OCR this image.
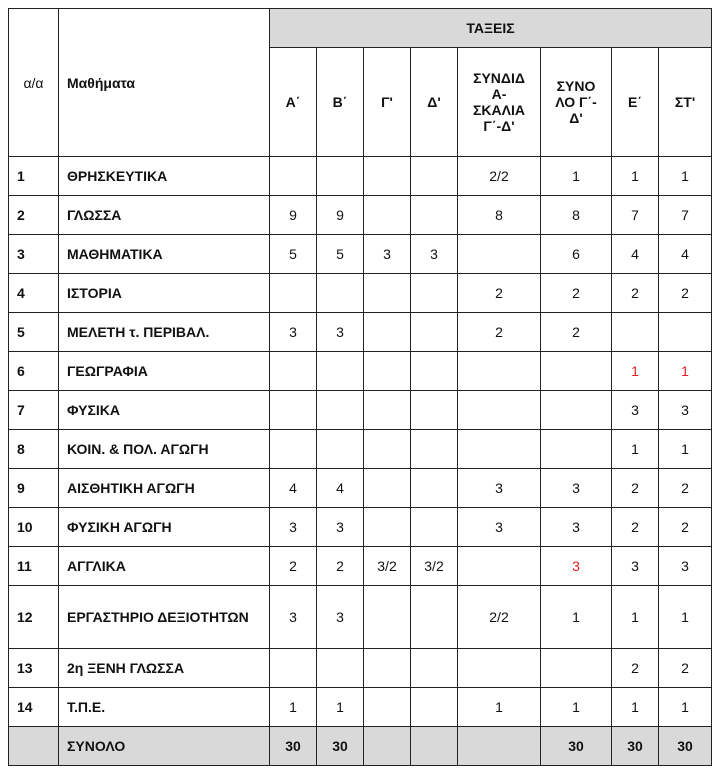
α/α	Μαθήματα	ΤΑΞΕΙΣ							
		Α΄	Β΄	Γ'	Δ'	ΣΥΝΔΙΔ
Α-
ΣΚΑΛΙΑ
Γ΄-Δ'	ΣΥΝΟ
ΛΟ Γ΄-
Δ'	Ε΄	ΣΤ'
1	ΘΡΗΣΚΕΥΤΙΚΑ					2/2	1	1	1
2	ΓΛΩΣΣΑ	9	9			8	8	7	7
3	ΜΑΘΗΜΑΤΙΚΑ	5	5	3	3		6	4	4
4	ΙΣΤΟΡΙΑ					2	2	2	2
5	ΜΕΛΕΤΗ τ. ΠΕΡΙΒΑΛ.	3	3			2	2		
6	ΓΕΩΓΡΑΦΙΑ							1	1
7	ΦΥΣΙΚΑ							3	3
8	ΚΟΙΝ. & ΠΟΛ. ΑΓΩΓΗ							1	1
9	ΑΙΣΘΗΤΙΚΗ ΑΓΩΓΗ	4	4			3	3	2	2
10	ΦΥΣΙΚΗ ΑΓΩΓΗ	3	3			3	3	2	2
11	ΑΓΓΛΙΚΑ	2	2	3/2	3/2		3	3	3
12	ΕΡΓΑΣΤΗΡΙΟ ΔΕΞΙΟΤΗΤΩΝ	3	3			2/2	1	1	1
13	2η ΞΕΝΗ ΓΛΩΣΣΑ							2	2
14	Τ.Π.Ε.	1	1			1	1	1	1
	ΣΥΝΟΛΟ	30	30				30	30	30
